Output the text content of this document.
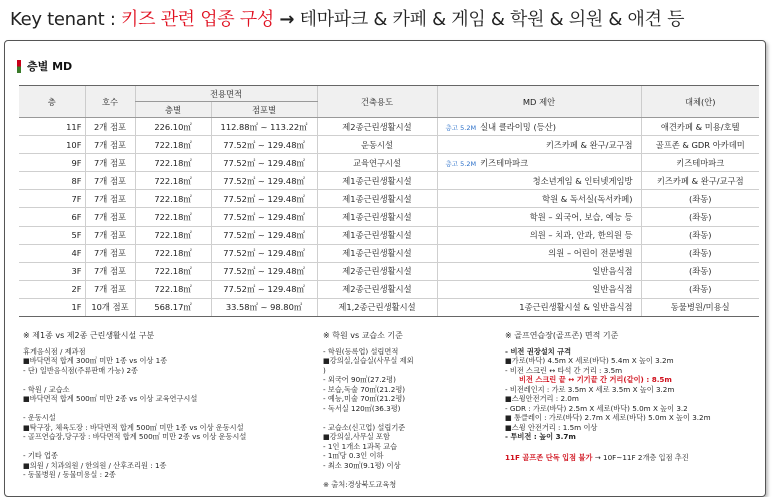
Key tenant : 키즈 관련 업종 구성 → 테마파크 & 카페 & 게임 & 학원 & 의원 & 애견 등
층별 MD
층	호수	전용면적		건축용도	MD 제안	대체(안)
		층별	점포별			
11F	2개 점포	226.10㎡	112.88㎡ ~ 113.22㎡	제2종근린생활시설	층고 5.2M 실내 클라이밍 (등산)	애견카페 & 미용/호텔
10F	7개 점포	722.18㎡	77.52㎡ ~ 129.48㎡	운동시설	키즈카페 & 완구/교구점	골프존 & GDR 아카데미
9F	7개 점포	722.18㎡	77.52㎡ ~ 129.48㎡	교육연구시설	층고 5.2M 키즈테마파크	키즈테마파크
8F	7개 점포	722.18㎡	77.52㎡ ~ 129.48㎡	제1종근린생활시설	청소년게임 & 인터넷게임방	키즈카페 & 완구/교구점
7F	7개 점포	722.18㎡	77.52㎡ ~ 129.48㎡	제1종근린생활시설	학원 & 독서실(독서카페)	(좌동)
6F	7개 점포	722.18㎡	77.52㎡ ~ 129.48㎡	제1종근린생활시설	학원 – 외국어, 보습, 예능 등	(좌동)
5F	7개 점포	722.18㎡	77.52㎡ ~ 129.48㎡	제1종근린생활시설	의원 – 치과, 안과, 한의원 등	(좌동)
4F	7개 점포	722.18㎡	77.52㎡ ~ 129.48㎡	제1종근린생활시설	의원 – 어린이 전문병원	(좌동)
3F	7개 점포	722.18㎡	77.52㎡ ~ 129.48㎡	제2종근린생활시설	일반음식점	(좌동)
2F	7개 점포	722.18㎡	77.52㎡ ~ 129.48㎡	제2종근린생활시설	일반음식점	(좌동)
1F	10개 점포	568.17㎡	33.58㎡ ~ 98.80㎡	제1,2종근린생활시설	1종근린생활시설 & 일반음식점	동물병원/미용실
※ 제1종 vs 제2종 근린생활시설 구분
휴게음식점 / 제과점
■바닥면적 합계 300㎡ 미만 1종 vs 이상 1종
- 단) 일반음식점(주류판매 가능) 2종
- 학원 / 교습소
■바닥면적 합계 500㎡ 미만 2종 vs 이상 교육연구시설
- 운동시설
■탁구장, 체육도장 : 바닥면적 합계 500㎡ 미만 1종 vs 이상 운동시설
- 골프연습장,당구장 : 바닥면적 합계 500㎡ 미만 2종 vs 이상 운동시설
- 기타 업종
■의원 / 치과의원 / 한의원 / 산후조리원 : 1종
- 동물병원 / 동물미용실 : 2종
※ 학원 vs 교습소 기준
- 학원(등록업) 설립면적
■강의실,실습실(사무실 제외
)
- 외국어 90㎡(27.2평)
- 보습,독술 70㎡(21.2평)
- 예능,미술 70㎡(21.2평)
- 독서실 120㎡(36.3평)
- 교습소(신고업) 설립기준
■강의실,사무실 포함
- 1인 1개소 1과목 교습
- 1㎡당 0.3인 이하
- 최소 30㎡(9.1평) 이상
※ 출처:경상북도교육청
※ 골프연습장(골프존) 면적 기준
- 비전 권장설치 규격
■가로(바닥) 4.5m X 세로(바닥) 5.4m X 높이 3.2m
- 비전 스크린 ↔ 타석 간 거리 : 3.5m
비전 스크린 끝 ↔ 기기끝 간 거리(같이) : 8.5m
- 비전레인지 : 가로 3.5m X 세로 3.5m X 높이 3.2m
■스윙안전거리 : 2.0m
- GDR : 가로(바닥) 2.5m X 세로(바닥) 5.0m X 높이 3.2
■ 통클레이 : 가로(바닥) 2.7m X 세로(바닥) 5.0m X 높이 3.2m
■스윙 안전거리 : 1.5m 이상
- 투비전 : 높이 3.7m
11F 골프존 단독 입점 불가 → 10F~11F 2개층 입점 추진
